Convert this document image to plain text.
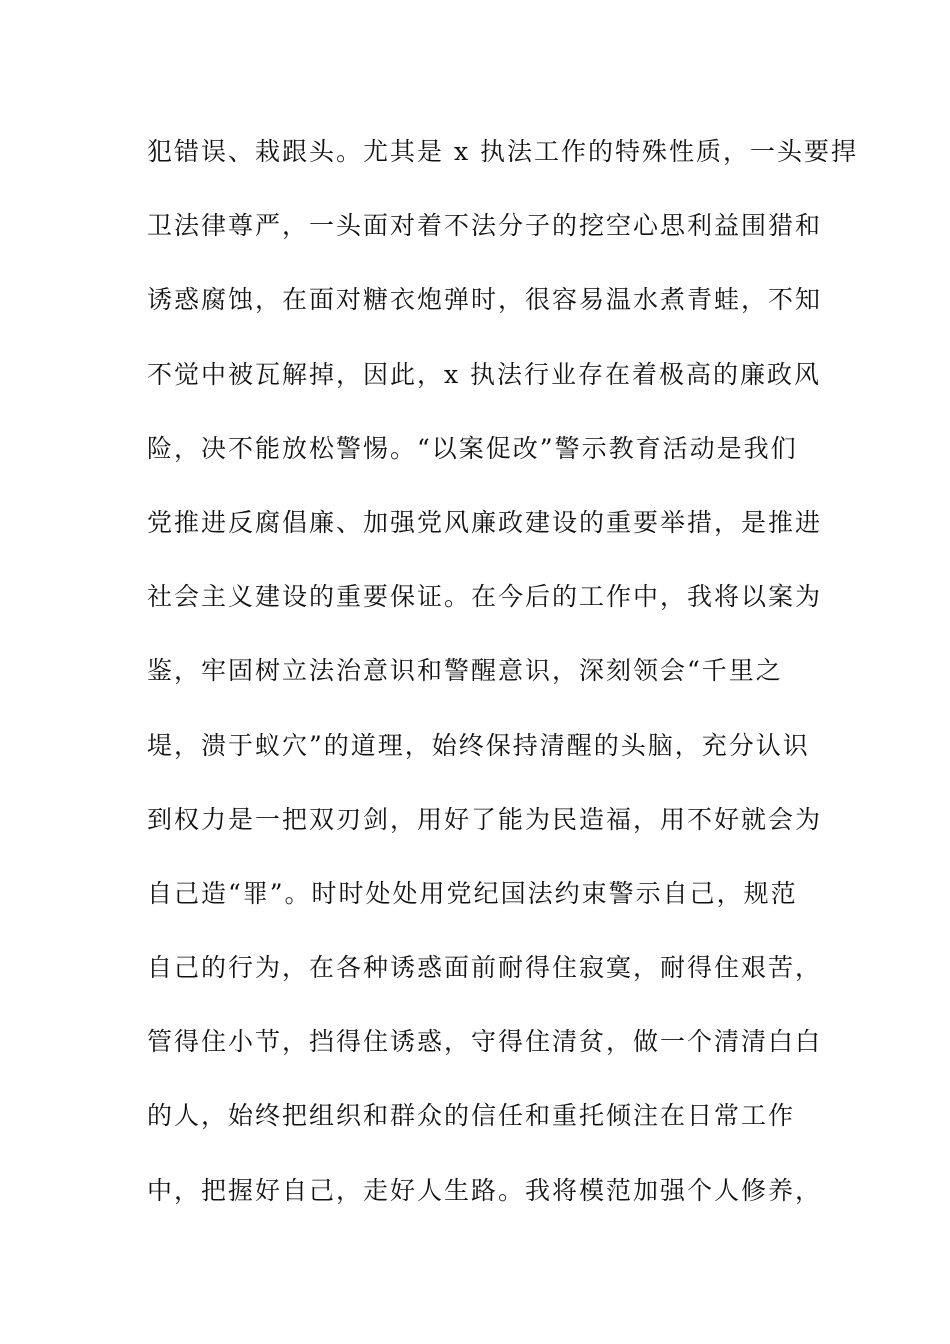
犯错误、栽跟头。尤其是 x 执法工作的特殊性质，一头要捍
卫法律尊严，一头面对着不法分子的挖空心思利益围猎和
诱惑腐蚀，在面对糖衣炮弹时，很容易温水煮青蛙，不知
不觉中被瓦解掉，因此，x 执法行业存在着极高的廉政风
险，决不能放松警惕。“以案促改”警示教育活动是我们
党推进反腐倡廉、加强党风廉政建设的重要举措，是推进
社会主义建设的重要保证。在今后的工作中，我将以案为
鉴，牢固树立法治意识和警醒意识，深刻领会“千里之
堤，溃于蚁穴”的道理，始终保持清醒的头脑，充分认识
到权力是一把双刃剑，用好了能为民造福，用不好就会为
自己造“罪”。时时处处用党纪国法约束警示自己，规范
自己的行为，在各种诱惑面前耐得住寂寞，耐得住艰苦，
管得住小节，挡得住诱惑，守得住清贫，做一个清清白白
的人，始终把组织和群众的信任和重托倾注在日常工作
中，把握好自己，走好人生路。我将模范加强个人修养，
